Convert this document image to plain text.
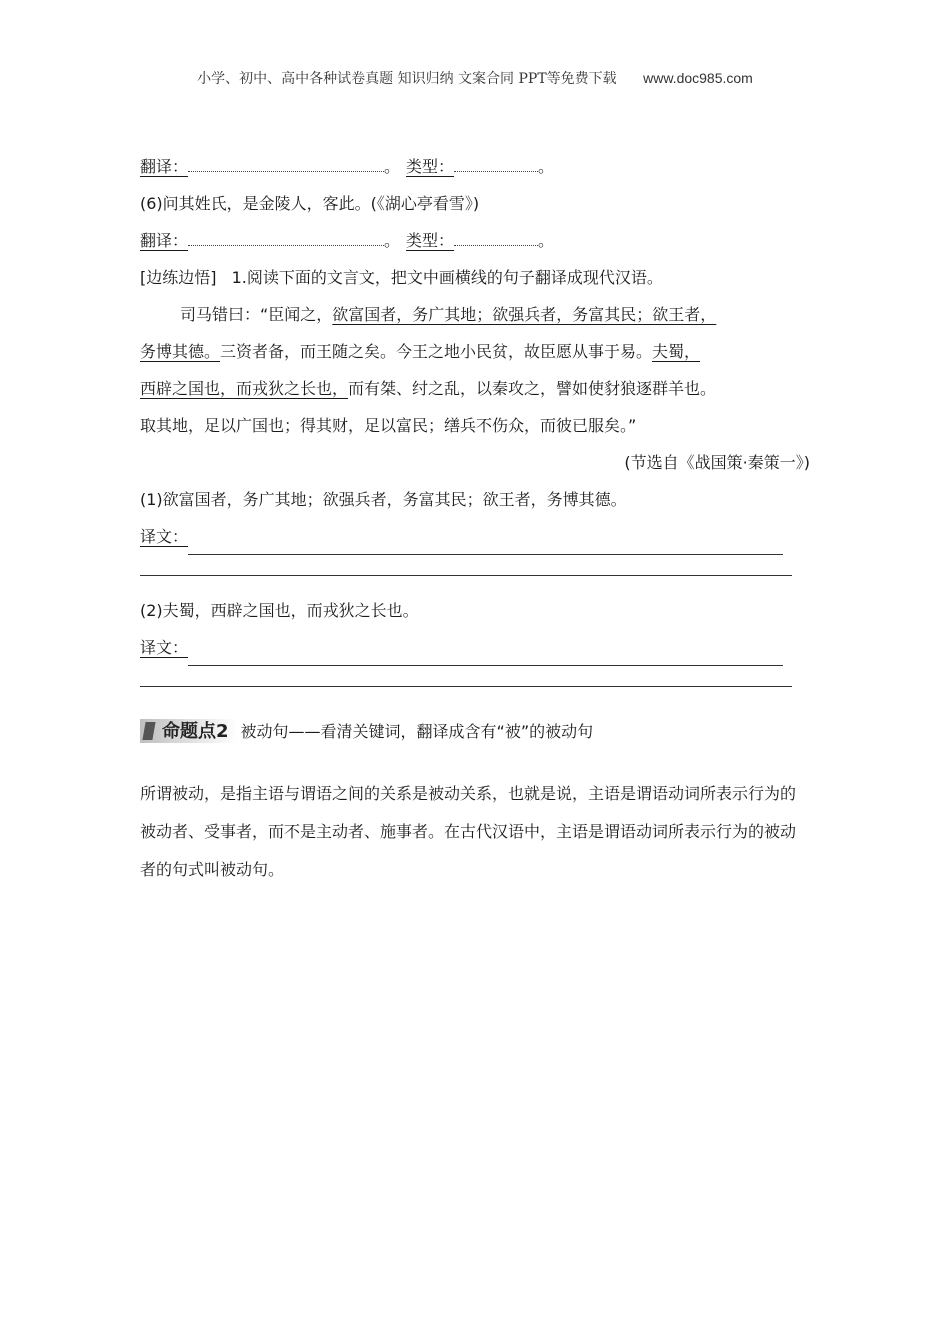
小学、初中、高中各种试卷真题 知识归纳 文案合同 PPT等免费下载 www.doc985.com
翻译：	。 类型：	。
(6)问其姓氏，是金陵人，客此。(《湖心亭看雪》)
翻译：	。 类型：	。
[边练边悟] 1.阅读下面的文言文，把文中画横线的句子翻译成现代汉语。
司马错曰：“臣闻之，欲富国者，务广其地；欲强兵者，务富其民；欲王者，
务博其德。三资者备，而王随之矣。今王之地小民贫，故臣愿从事于易。夫蜀，
西辟之国也，而戎狄之长也，而有桀、纣之乱，以秦攻之，譬如使豺狼逐群羊也。
取其地，足以广国也；得其财，足以富民；缮兵不伤众，而彼已服矣。”
(节选自《战国策·秦策一》)
(1)欲富国者，务广其地；欲强兵者，务富其民；欲王者，务博其德。
译文：
(2)夫蜀，西辟之国也，而戎狄之长也。
译文：
命题点2 被动句——看清关键词，翻译成含有“被”的被动句
所谓被动，是指主语与谓语之间的关系是被动关系，也就是说，主语是谓语动词所表示行为的被动者、受事者，而不是主动者、施事者。在古代汉语中，主语是谓语动词所表示行为的被动者的句式叫被动句。
